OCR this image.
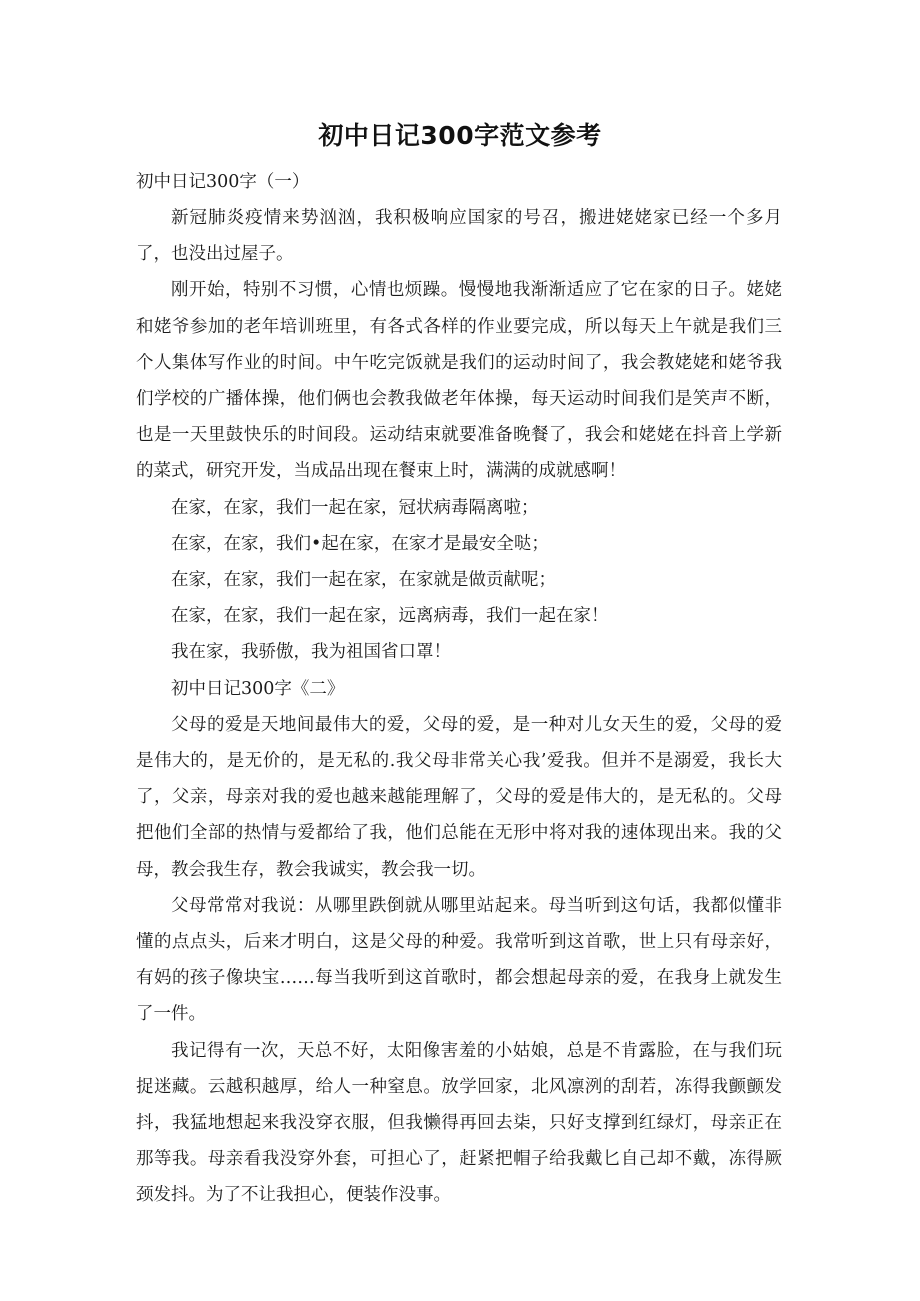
初中日记300字范文参考
初中日记300字（一）

新冠肺炎疫情来势汹汹，我积极响应国家的号召，搬进姥姥家已经一个多月了，也没出过屋子。

刚开始，特别不习惯，心情也烦躁。慢慢地我渐渐适应了它在家的日子。姥姥和姥爷参加的老年培训班里，有各式各样的作业要完成，所以每天上午就是我们三个人集体写作业的时间。中午吃完饭就是我们的运动时间了，我会教姥姥和姥爷我们学校的广播体操，他们俩也会教我做老年体操，每天运动时间我们是笑声不断，也是一天里鼓快乐的时间段。运动结束就要准备晚餐了，我会和姥姥在抖音上学新的菜式，研究开发，当成品出现在餐束上时，满满的成就感啊！

在家，在家，我们一起在家，冠状病毒隔离啦；
在家，在家，我们•起在家，在家才是最安全哒；
在家，在家，我们一起在家，在家就是做贡献呢；
在家，在家，我们一起在家，远离病毒，我们一起在家！
我在家，我骄傲，我为祖国省口罩！
初中日记300字《二》

父母的爱是天地间最伟大的爱，父母的爱，是一种对儿女天生的爱，父母的爱是伟大的，是无价的，是无私的.我父母非常关心我’爱我。但并不是溺爱，我长大了，父亲，母亲对我的爱也越来越能理解了，父母的爱是伟大的，是无私的。父母把他们全部的热情与爱都给了我，他们总能在无形中将对我的速体现出来。我的父母，教会我生存，教会我诚实，教会我一切。

父母常常对我说：从哪里跌倒就从哪里站起来。母当听到这句话，我都似懂非懂的点点头，后来才明白，这是父母的种爱。我常听到这首歌，世上只有母亲好，有妈的孩子像块宝……每当我听到这首歌时，都会想起母亲的爱，在我身上就发生了一件。

我记得有一次，天总不好，太阳像害羞的小姑娘，总是不肯露脸，在与我们玩捉迷藏。云越积越厚，给人一种窒息。放学回家，北风凛洌的刮若，冻得我颤颤发抖，我猛地想起来我没穿衣服，但我懒得再回去柒，只好支撑到红绿灯，母亲正在那等我。母亲看我没穿外套，可担心了，赶紧把帽子给我戴匕自己却不戴，冻得厥颈发抖。为了不让我担心，便装作没事。
